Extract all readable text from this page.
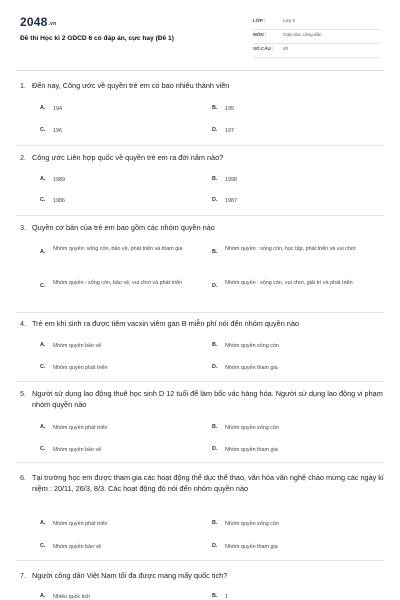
2048.vn
Đề thi Học kì 2 GDCD 6 có đáp án, cực hay (Đề 1)
LỚP :	Lớp 6
MÔN :	Giáo dục công dân
SỐ CÂU : 40
1. Đến nay, Công ước về quyền trẻ em có bao nhiêu thành viên
A. 194	B. 195
C. 196	D. 197
2. Công ước Liên hợp quốc về quyền trẻ em ra đời năm nào?
A. 1989	B. 1998
C. 1986	D. 1987
3. Quyền cơ bản của trẻ em bao gồm các nhóm quyền nào
A. Nhóm quyền: sống còn, bảo vệ, phát triển và tham gia	B. Nhóm quyền : sống còn, học tập, phát triển và vui chơi
C. Nhóm quyền : sống còn, bảo vệ, vui chơi và phát triển	D. Nhóm quyền : sống còn, vui chơi, giải trí và phát triển
4. Trẻ em khi sinh ra được tiêm vacxin viêm gan B miễn phí nói đến nhóm quyền nào
A. Nhóm quyền bảo vệ	B. Nhóm quyền sống còn
C. Nhóm quyền phát triển	D. Nhóm quyền tham gia
5. Người sử dụng lao động thuê học sinh D 12 tuổi để làm bốc vác hàng hóa. Người sử dụng lao động vi phạm nhóm quyền nào
A. Nhóm quyền phát triển	B. Nhóm quyền sống còn
C. Nhóm quyền bảo vệ	D. Nhóm quyền tham gia
6. Tại trường học em được tham gia các hoạt động thể dục thể thao, văn hóa văn nghệ chào mừng các ngày kỉ niệm : 20/11, 26/3, 8/3. Các hoạt động đó nói đến nhóm quyền nào
A. Nhóm quyền phát triển	B. Nhóm quyền sống còn
C. Nhóm quyền bảo vệ	D. Nhóm quyền tham gia
7. Người công dân Việt Nam tối đa được mang mấy quốc tịch?
A. Nhiều quốc tịch	B. 1
